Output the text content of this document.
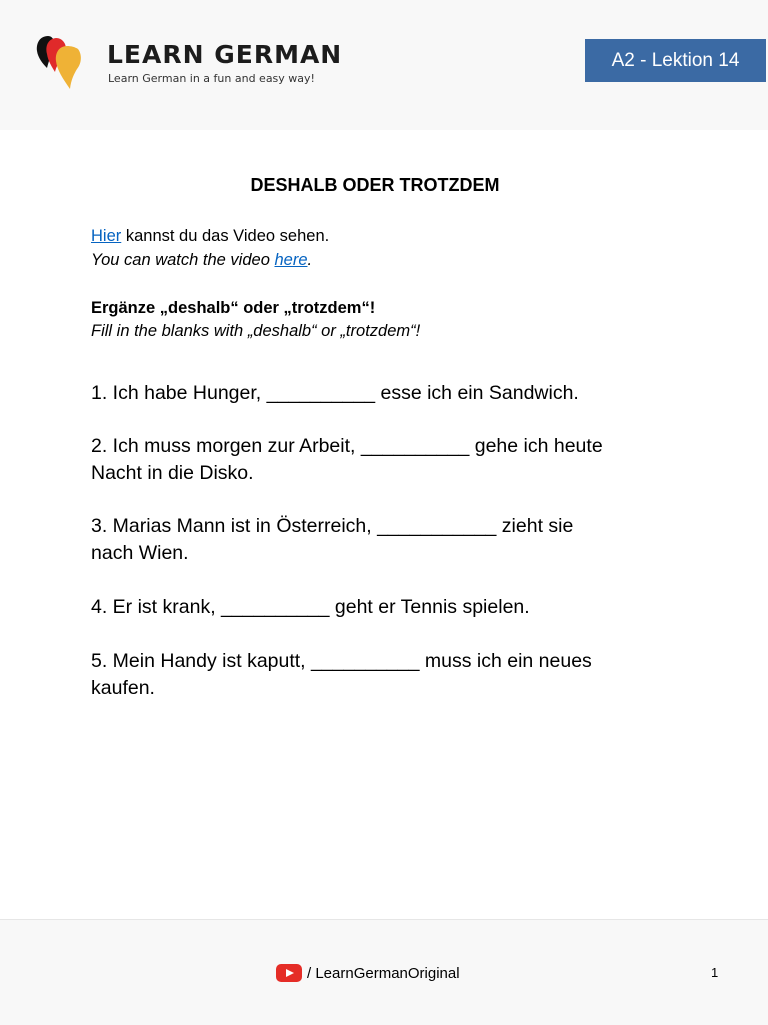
LEARN GERMAN
Learn German in a fun and easy way!
A2 - Lektion 14
DESHALB ODER TROTZDEM
Hier kannst du das Video sehen.
You can watch the video here.
Ergänze „deshalb“ oder „trotzdem“!
Fill in the blanks with „deshalb“ or „trotzdem“!
1. Ich habe Hunger, __________ esse ich ein Sandwich.
2. Ich muss morgen zur Arbeit, __________ gehe ich heute
Nacht in die Disko.
3. Marias Mann ist in Österreich, ___________ zieht sie
nach Wien.
4. Er ist krank, __________ geht er Tennis spielen.
5. Mein Handy ist kaputt, __________ muss ich ein neues
kaufen.
/ LearnGermanOriginal	1
